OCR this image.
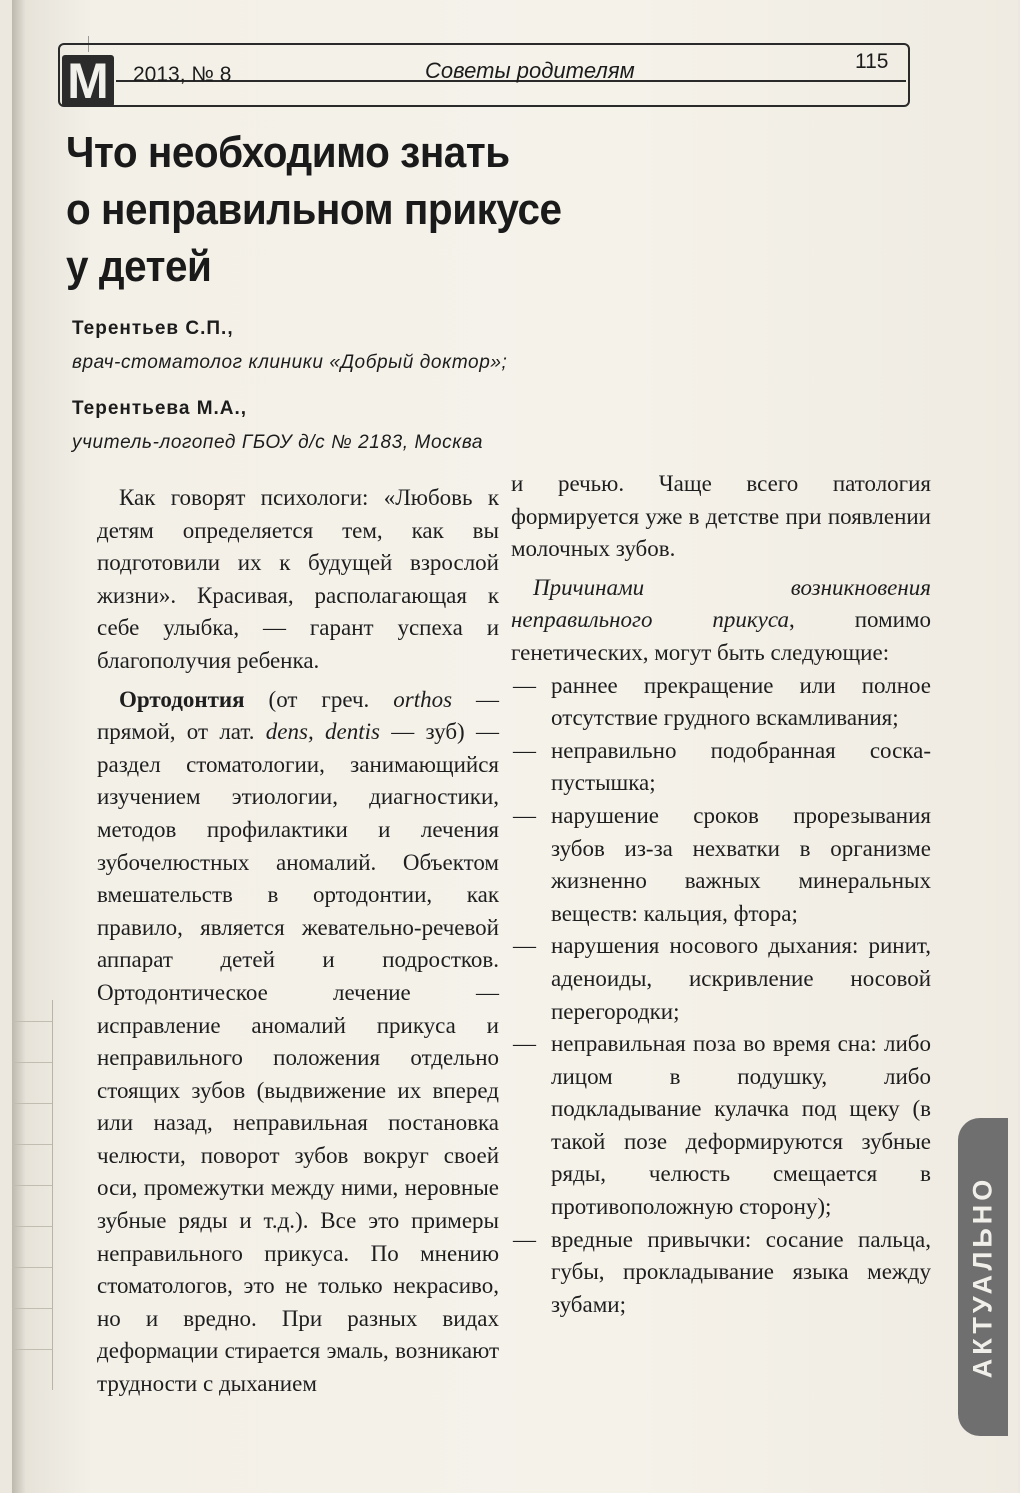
М 2013, № 8	Советы родителям	115
Что необходимо знать
о неправильном прикусе
у детей
Терентьев С.П.,
врач-стоматолог клиники «Добрый доктор»;
Терентьева М.А.,
учитель-логопед ГБОУ д/с № 2183, Москва

Как говорят психологи: «Любовь к детям определяется тем, как вы подготовили их к будущей взрослой жизни». Красивая, располагающая к себе улыбка, — гарант успеха и благополучия ребенка.

Ортодонтия (от греч. orthos — прямой, от лат. dens, dentis — зуб) — раздел стоматологии, занимающийся изучением этиологии, диагностики, методов профилактики и лечения зубочелюстных аномалий. Объектом вмешательств в ортодонтии, как правило, является жевательно-речевой аппарат детей и подростков. Ортодонтическое лечение — исправление аномалий прикуса и неправильного положения отдельно стоящих зубов (выдвижение их вперед или назад, неправильная постановка челюсти, поворот зубов вокруг своей оси, промежутки между ними, неровные зубные ряды и т.д.). Все это примеры неправильного прикуса. По мнению стоматологов, это не только некрасиво, но и вредно. При разных видах деформации стирается эмаль, возникают трудности с дыханием

и речью. Чаще всего патология формируется уже в детстве при появлении молочных зубов.

Причинами возникновения неправильного прикуса, помимо генетических, могут быть следующие:

— раннее прекращение или полное отсутствие грудного вскамливания;
— неправильно подобранная соска-пустышка;
— нарушение сроков прорезывания зубов из-за нехватки в организме жизненно важных минеральных веществ: кальция, фтора;
— нарушения носового дыхания: ринит, аденоиды, искривление носовой перегородки;
— неправильная поза во время сна: либо лицом в подушку, либо подкладывание кулачка под щеку (в такой позе деформируются зубные ряды, челюсть смещается в противоположную сторону);
— вредные привычки: сосание пальца, губы, прокладывание языка между зубами;	АКТУАЛЬНО
